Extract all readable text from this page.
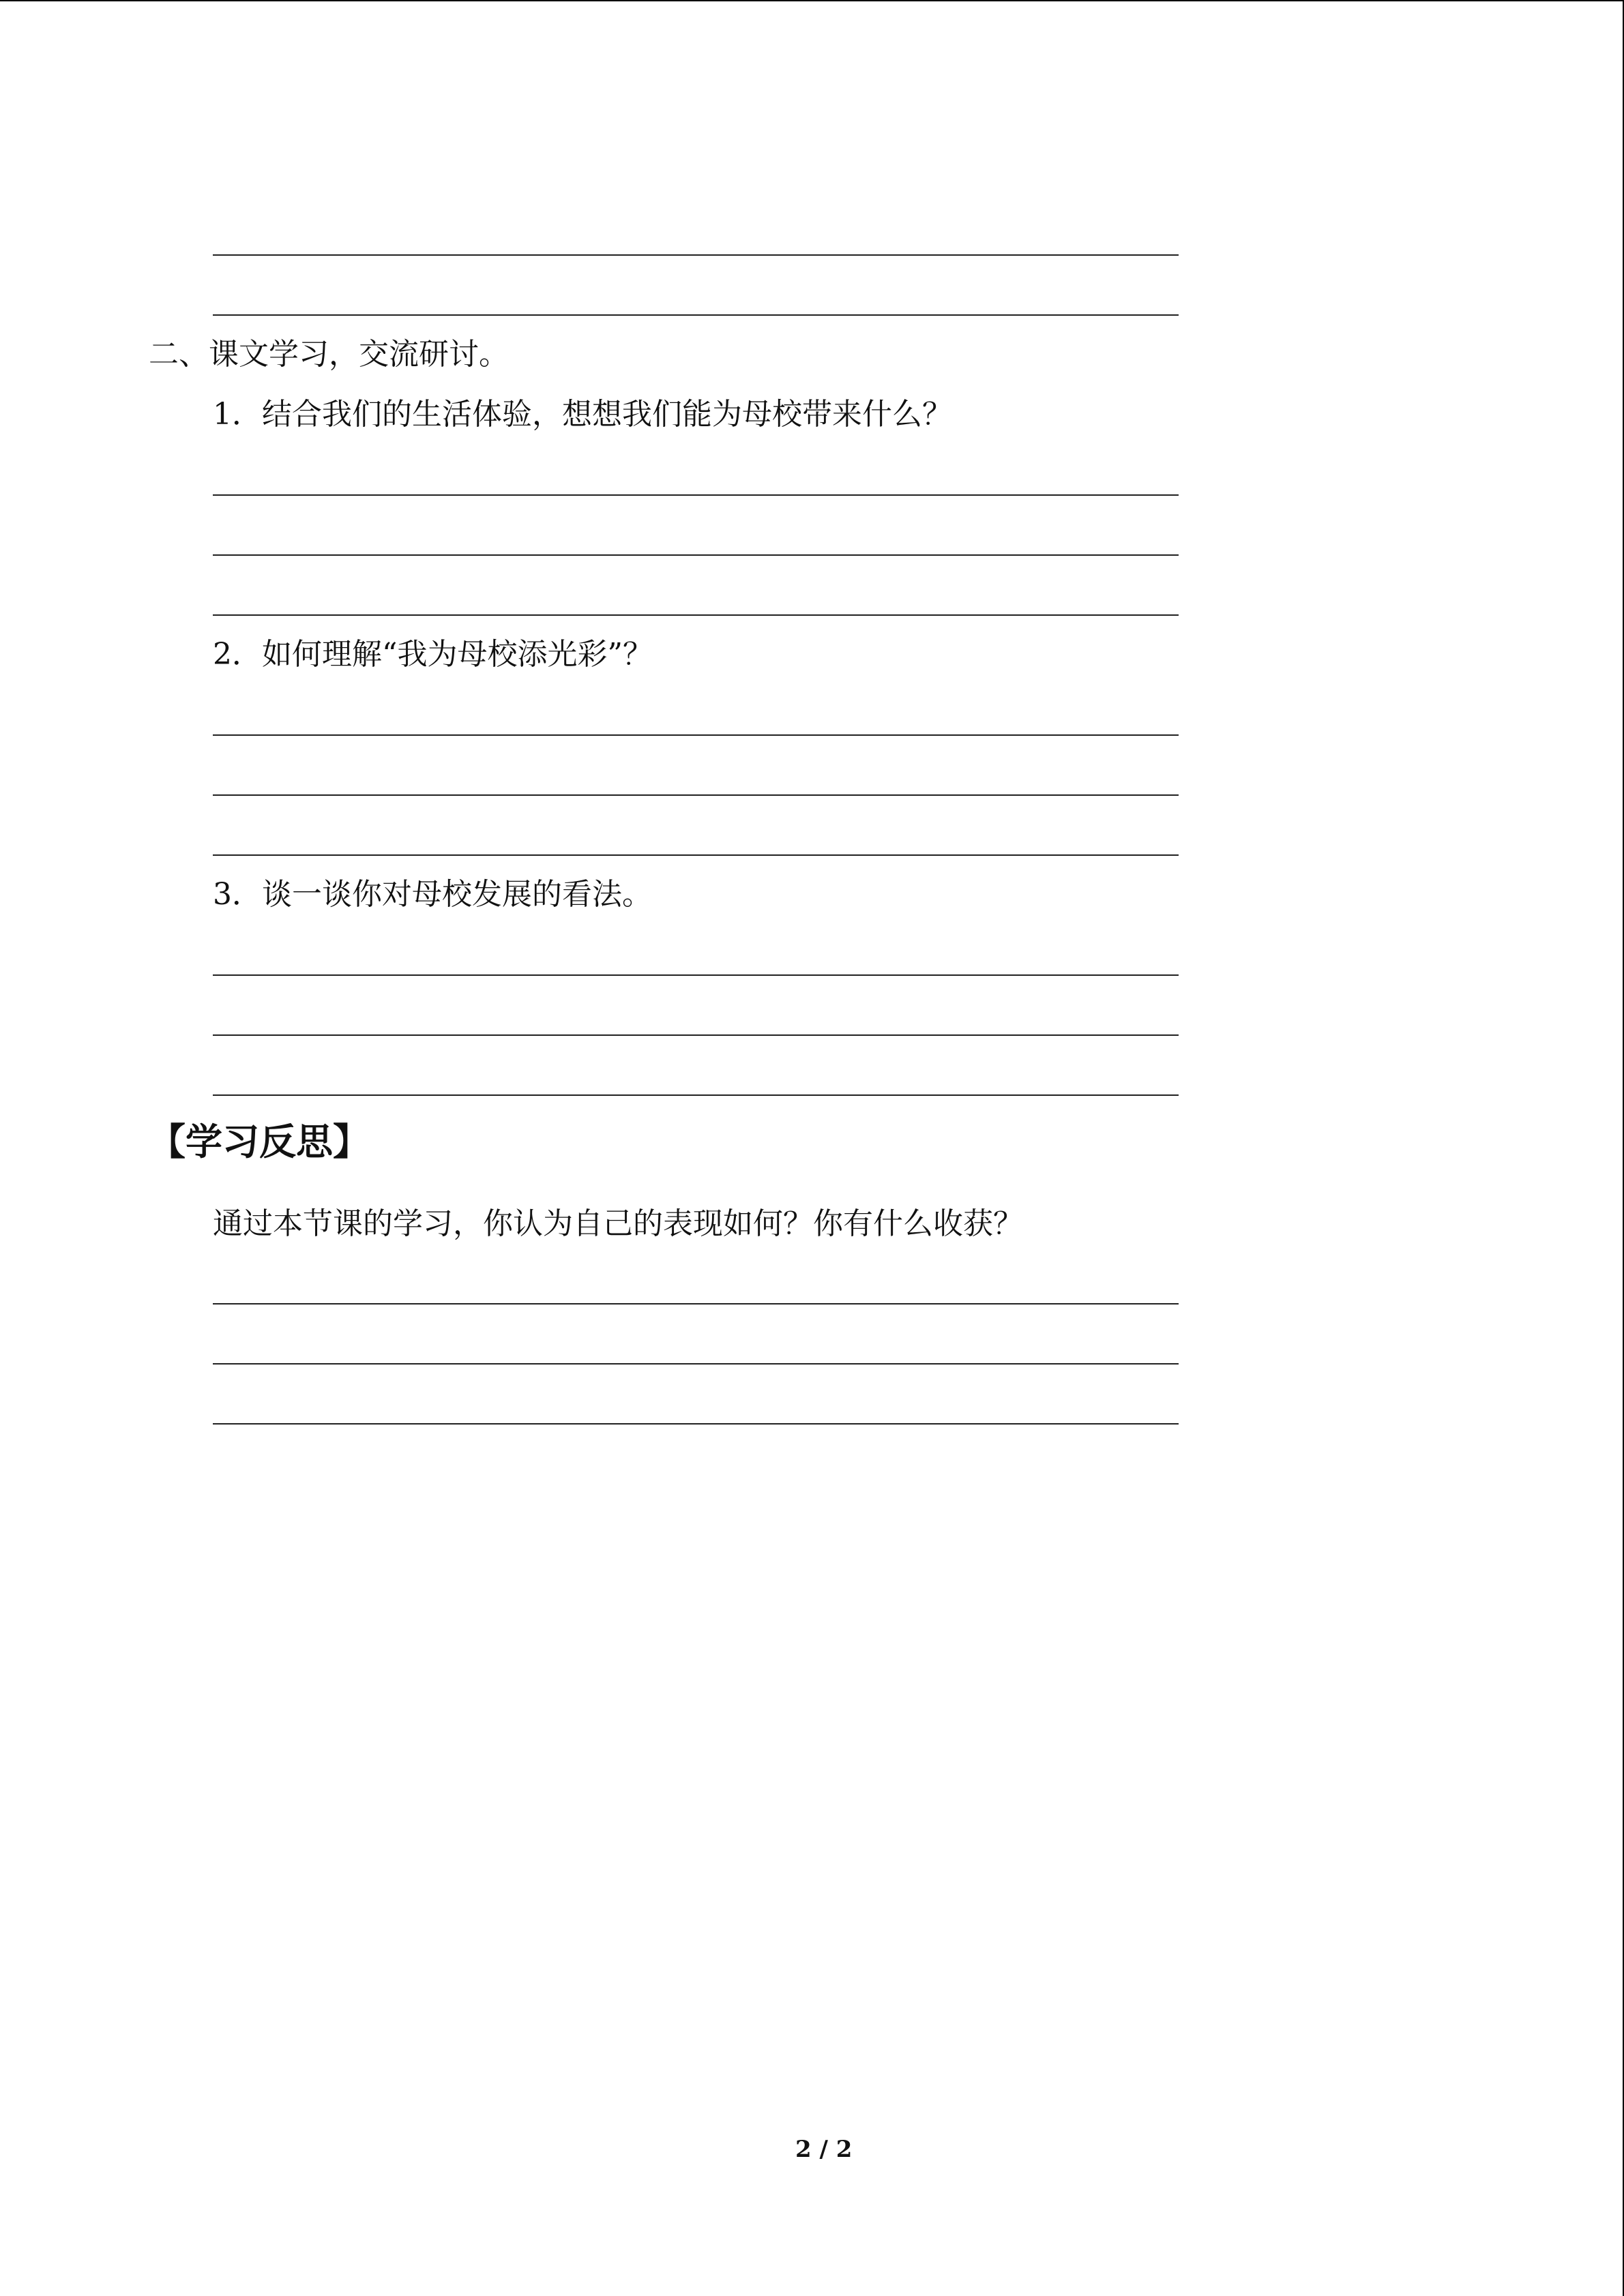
二、课文学习，交流研讨。
1．结合我们的生活体验，想想我们能为母校带来什么？
2．如何理解“我为母校添光彩”？
3．谈一谈你对母校发展的看法。
【学习反思】
通过本节课的学习，你认为自己的表现如何？你有什么收获？
2 / 2
